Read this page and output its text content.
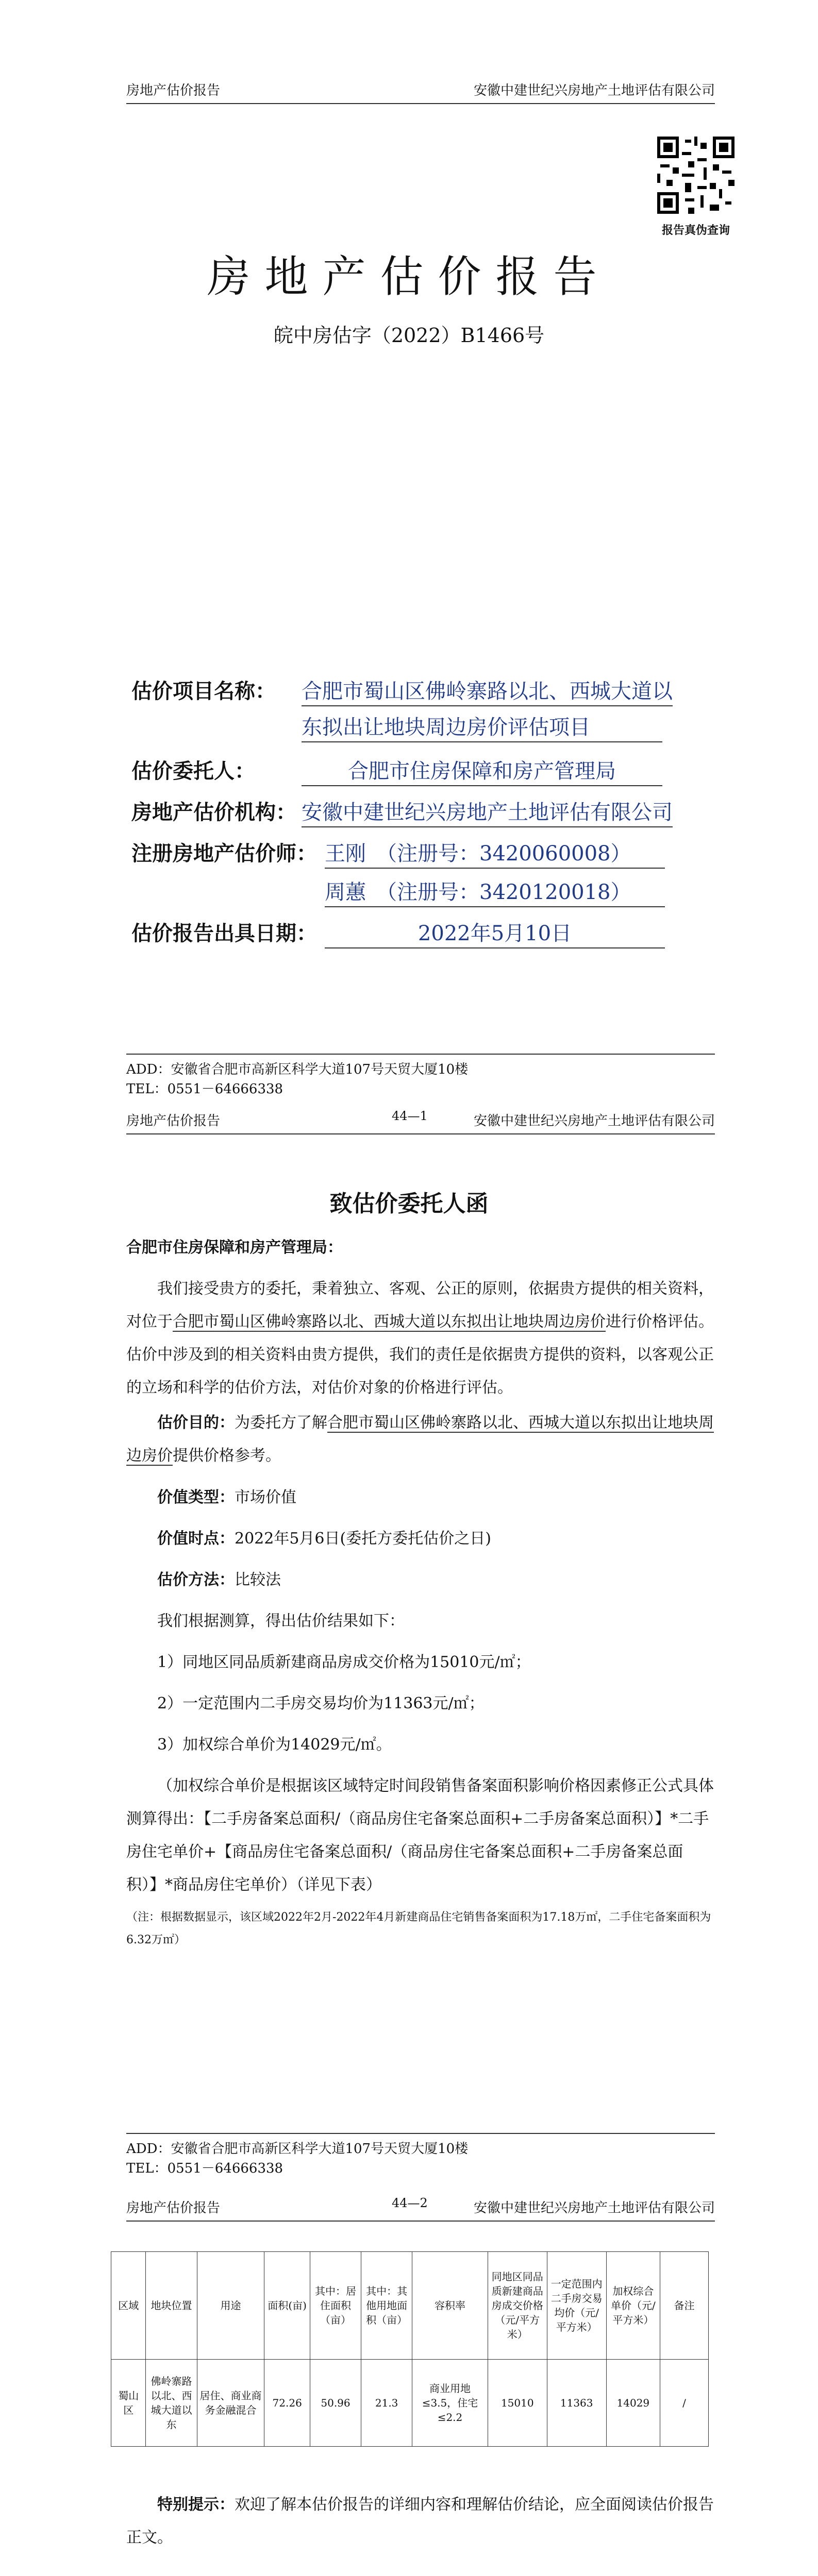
房地产估价报告	安徽中建世纪兴房地产土地评估有限公司
报告真伪查询
房地产估价报告
皖中房估字（2022）B1466号
估价项目名称： 合肥市蜀山区佛岭寨路以北、西城大道以
东拟出让地块周边房价评估项目
估价委托人：	合肥市住房保障和房产管理局
房地产估价机构： 安徽中建世纪兴房地产土地评估有限公司
注册房地产估价师： 王刚　（注册号：3420060008）
周蕙　（注册号：3420120018）
估价报告出具日期：	2022年5月10日
ADD：安徽省合肥市高新区科学大道107号天贸大厦10楼
TEL：0551－64666338
房地产估价报告	安徽中建世纪兴房地产土地评估有限公司
44—1
致估价委托人函
合肥市住房保障和房产管理局：
我们接受贵方的委托，秉着独立、客观、公正的原则，依据贵方提供的相关资料，对位于合肥市蜀山区佛岭寨路以北、西城大道以东拟出让地块周边房价进行价格评估。估价中涉及到的相关资料由贵方提供，我们的责任是依据贵方提供的资料，以客观公正的立场和科学的估价方法，对估价对象的价格进行评估。
估价目的：为委托方了解合肥市蜀山区佛岭寨路以北、西城大道以东拟出让地块周边房价提供价格参考。
价值类型：市场价值
价值时点：2022年5月6日(委托方委托估价之日)
估价方法：比较法
我们根据测算，得出估价结果如下：
1）同地区同品质新建商品房成交价格为15010元/㎡；
2）一定范围内二手房交易均价为11363元/㎡；
3）加权综合单价为14029元/㎡。
（加权综合单价是根据该区域特定时间段销售备案面积影响价格因素修正公式具体测算得出：【二手房备案总面积/（商品房住宅备案总面积+二手房备案总面积）】*二手房住宅单价+【商品房住宅备案总面积/（商品房住宅备案总面积+二手房备案总面积）】*商品房住宅单价）（详见下表）
（注：根据数据显示，该区域2022年2月-2022年4月新建商品住宅销售备案面积为17.18万㎡，二手住宅备案面积为6.32万㎡）
ADD：安徽省合肥市高新区科学大道107号天贸大厦10楼
TEL：0551－64666338
房地产估价报告	安徽中建世纪兴房地产土地评估有限公司
44—2
区域	地块位置	用途	面积(亩)	其中：居住面积（亩）	其中：其他用地面积（亩）	容积率	同地区同品质新建商品房成交价格（元/平方米）	一定范围内二手房交易均价（元/平方米）	加权综合单价（元/平方米）	备注
蜀山区	佛岭寨路以北、西城大道以东	居住、商业商务金融混合	72.26	50.96	21.3	商业用地≤3.5，住宅≤2.2	15010	11363	14029	/
特别提示：欢迎了解本估价报告的详细内容和理解估价结论，应全面阅读估价报告正文。
